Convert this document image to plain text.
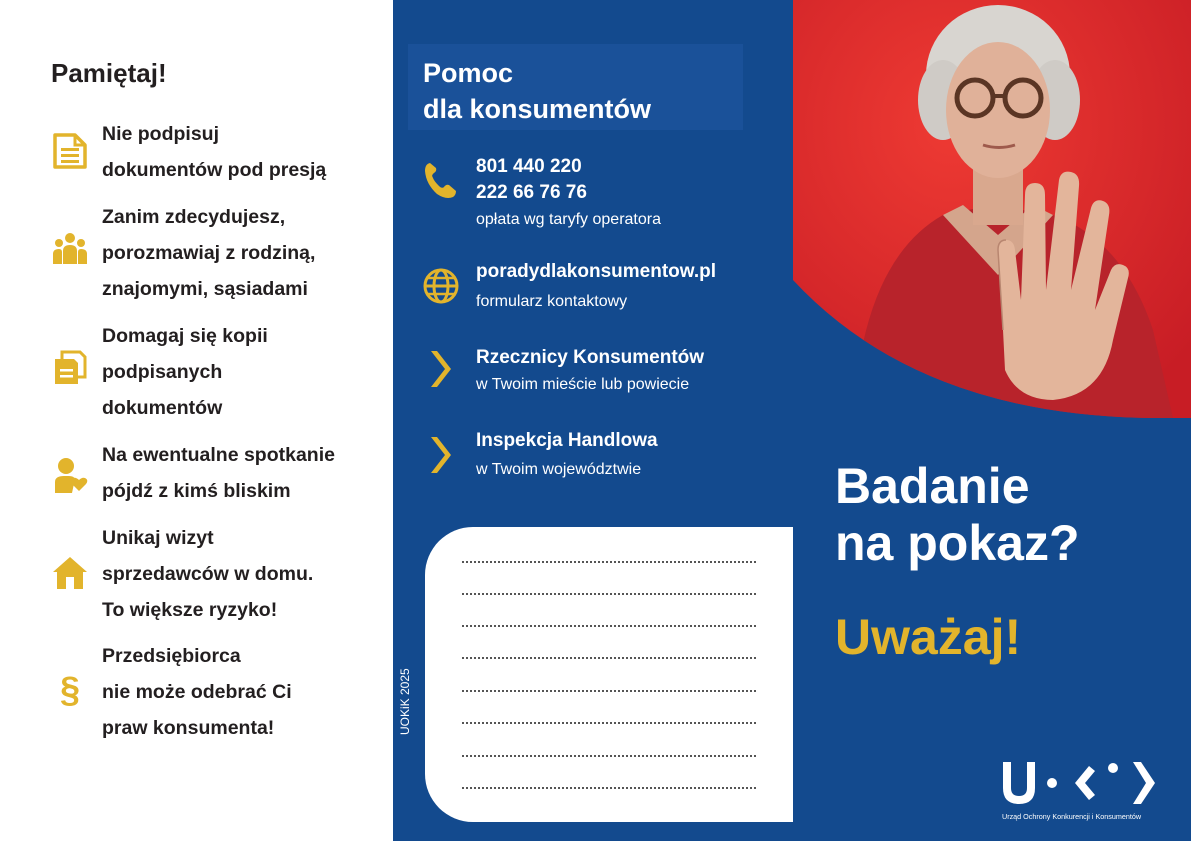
Pamiętaj!
Nie podpisuj
dokumentów pod presją
Zanim zdecydujesz,
porozmawiaj z rodziną,
znajomymi, sąsiadami
Domagaj się kopii
podpisanych
dokumentów
Na ewentualne spotkanie
pójdź z kimś bliskim
Unikaj wizyt
sprzedawców w domu.
To większe ryzyko!
§
Przedsiębiorca
nie może odebrać Ci
praw konsumenta!
Pomoc
dla konsumentów
801 440 220
222 66 76 76
opłata wg taryfy operatora
poradydlakonsumentow.pl
formularz kontaktowy
Rzecznicy Konsumentów
w Twoim mieście lub powiecie
Inspekcja Handlowa
w Twoim województwie
UOKiK 2025
Badanie
na pokaz?
Uważaj!
Urząd Ochrony Konkurencji i Konsumentów
